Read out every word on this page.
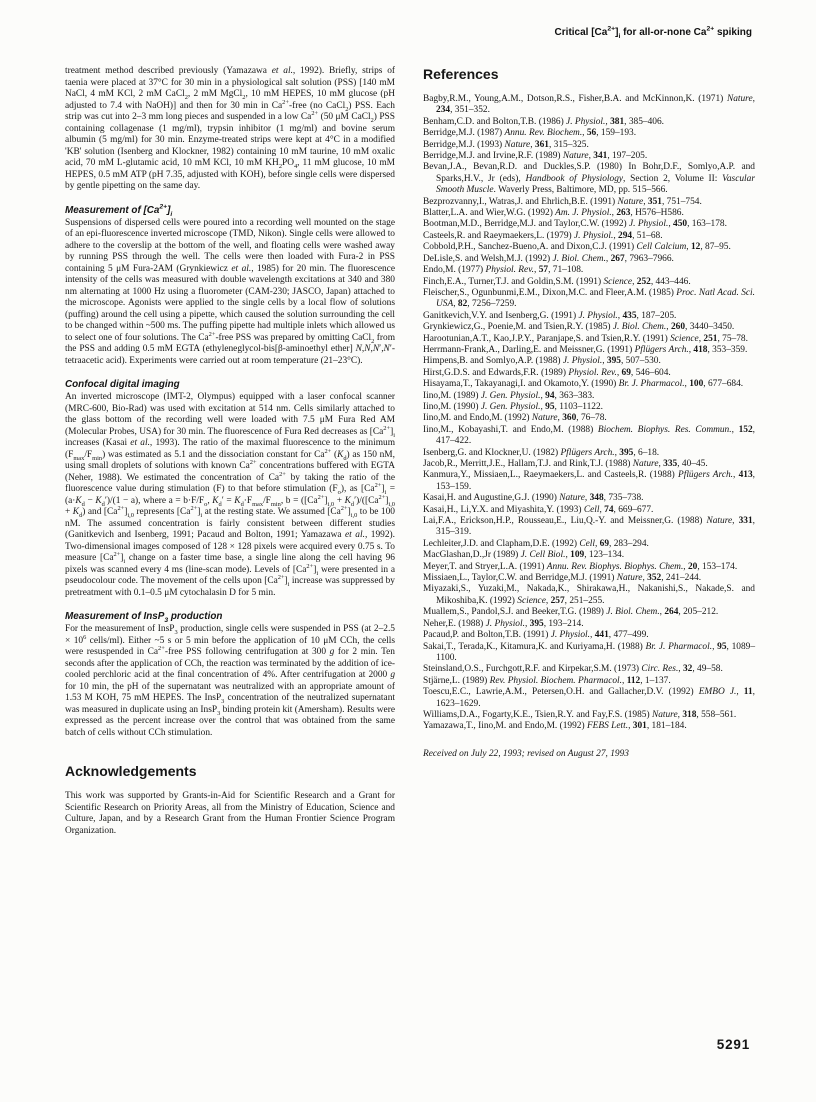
Critical $[Ca^{2+}]_i$ for all-or-none $Ca^{2+}$ spiking

treatment method described previously (Yamazawa et al., 1992). Briefly, strips of taenia were placed at 37°C for 30 min in a physiological salt solution (PSS) [140 mM NaCl, 4 mM KCl, 2 mM CaCl$_2$, 2 mM MgCl$_2$, 10 mM HEPES, 10 mM glucose (pH adjusted to 7.4 with NaOH)] and then for 30 min in $Ca^{2+}$-free (no CaCl$_2$) PSS. Each strip was cut into 2–3 mm long pieces and suspended in a low $Ca^{2+}$ (50 μM CaCl$_2$) PSS containing collagenase (1 mg/ml), trypsin inhibitor (1 mg/ml) and bovine serum albumin (5 mg/ml) for 30 min. Enzyme-treated strips were kept at 4°C in a modified 'KB' solution (Isenberg and Klockner, 1982) containing 10 mM taurine, 10 mM oxalic acid, 70 mM L-glutamic acid, 10 mM KCl, 10 mM $KH_2PO_4$, 11 mM glucose, 10 mM HEPES, 0.5 mM ATP (pH 7.35, adjusted with KOH), before single cells were dispersed by gentle pipetting on the same day.

Measurement of $[Ca^{2+}]_i$

Suspensions of dispersed cells were poured into a recording well mounted on the stage of an epi-fluorescence inverted microscope (TMD, Nikon). Single cells were allowed to adhere to the coverslip at the bottom of the well, and floating cells were washed away by running PSS through the well. The cells were then loaded with Fura-2 in PSS containing 5 μM Fura-2AM (Grynkiewicz et al., 1985) for 20 min. The fluorescence intensity of the cells was measured with double wavelength excitations at 340 and 380 nm alternating at 1000 Hz using a fluorometer (CAM-230; JASCO, Japan) attached to the microscope. Agonists were applied to the single cells by a local flow of solutions (puffing) around the cell using a pipette, which caused the solution surrounding the cell to be changed within ~500 ms. The puffing pipette had multiple inlets which allowed us to select one of four solutions. The $Ca^{2+}$-free PSS was prepared by omitting CaCl$_2$ from the PSS and adding 0.5 mM EGTA (ethyleneglycol-bis[β-aminoethyl ether] N,N,N′,N′-tetraacetic acid). Experiments were carried out at room temperature (21–23°C).

Confocal digital imaging

An inverted microscope (IMT-2, Olympus) equipped with a laser confocal scanner (MRC-600, Bio-Rad) was used with excitation at 514 nm. Cells similarly attached to the glass bottom of the recording well were loaded with 7.5 μM Fura Red AM (Molecular Probes, USA) for 30 min. The fluorescence of Fura Red decreases as $[Ca^{2+}]_i$ increases (Kasai et al., 1993). The ratio of the maximal fluorescence to the minimum $(F_{max}/F_{min})$ was estimated as 5.1 and the dissociation constant for $Ca^{2+}$ $(K_d)$ as 150 nM, using small droplets of solutions with known $Ca^{2+}$ concentrations buffered with EGTA (Neher, 1988). We estimated the concentration of $Ca^{2+}$ by taking the ratio of the fluorescence value during stimulation (F) to that before stimulation $(F_o)$, as $[Ca^{2+}]_i = (a\cdot K_d - K_d')/(1 - a)$, where $a = b\cdot F/F_o$, $K_d' = K_d\cdot F_{max}/F_{min}$, $b = ([Ca^{2+}]_{i,0} + K_d')/([Ca^{2+}]_{i,0} + K_d)$ and $[Ca^{2+}]_{i,0}$ represents $[Ca^{2+}]_i$ at the resting state. We assumed $[Ca^{2+}]_{i,0}$ to be 100 nM. The assumed concentration is fairly consistent between different studies (Ganitkevich and Isenberg, 1991; Pacaud and Bolton, 1991; Yamazawa et al., 1992). Two-dimensional images composed of 128 × 128 pixels were acquired every 0.75 s. To measure $[Ca^{2+}]_i$ change on a faster time base, a single line along the cell having 96 pixels was scanned every 4 ms (line-scan mode). Levels of $[Ca^{2+}]_i$ were presented in a pseudocolour code. The movement of the cells upon $[Ca^{2+}]_i$ increase was suppressed by pretreatment with 0.1–0.5 μM cytochalasin D for 5 min.

Measurement of InsP$_3$ production

For the measurement of InsP$_3$ production, single cells were suspended in PSS (at $2-2.5 \times 10^6$ cells/ml). Either ~5 s or 5 min before the application of 10 μM CCh, the cells were resuspended in $Ca^{2+}$-free PSS following centrifugation at 300 g for 2 min. Ten seconds after the application of CCh, the reaction was terminated by the addition of ice-cooled perchloric acid at the final concentration of 4%. After centrifugation at 2000 g for 10 min, the pH of the supernatant was neutralized with an appropriate amount of 1.53 M KOH, 75 mM HEPES. The InsP$_3$ concentration of the neutralized supernatant was measured in duplicate using an InsP$_3$ binding protein kit (Amersham). Results were expressed as the percent increase over the control that was obtained from the same batch of cells without CCh stimulation.

Acknowledgements

This work was supported by Grants-in-Aid for Scientific Research and a Grant for Scientific Research on Priority Areas, all from the Ministry of Education, Science and Culture, Japan, and by a Research Grant from the Human Frontier Science Program Organization.

References
Bagby,R.M., Young,A.M., Dotson,R.S., Fisher,B.A. and McKinnon,K. (1971) Nature, 234, 351–352.
Benham,C.D. and Bolton,T.B. (1986) J. Physiol., 381, 385–406.
Berridge,M.J. (1987) Annu. Rev. Biochem., 56, 159–193.
Berridge,M.J. (1993) Nature, 361, 315–325.
Berridge,M.J. and Irvine,R.F. (1989) Nature, 341, 197–205.
Bevan,J.A., Bevan,R.D. and Duckles,S.P. (1980) In Bohr,D.F., Somlyo,A.P. and Sparks,H.V., Jr (eds), Handbook of Physiology, Section 2, Volume II: Vascular Smooth Muscle. Waverly Press, Baltimore, MD, pp. 515–566.
Bezprozvanny,I., Watras,J. and Ehrlich,B.E. (1991) Nature, 351, 751–754.
Blatter,L.A. and Wier,W.G. (1992) Am. J. Physiol., 263, H576–H586.
Bootman,M.D., Berridge,M.J. and Taylor,C.W. (1992) J. Physiol., 450, 163–178.
Casteels,R. and Raeymaekers,L. (1979) J. Physiol., 294, 51–68.
Cobbold,P.H., Sanchez-Bueno,A. and Dixon,C.J. (1991) Cell Calcium, 12, 87–95.
DeLisle,S. and Welsh,M.J. (1992) J. Biol. Chem., 267, 7963–7966.
Endo,M. (1977) Physiol. Rev., 57, 71–108.
Finch,E.A., Turner,T.J. and Goldin,S.M. (1991) Science, 252, 443–446.
Fleischer,S., Ogunbunmi,E.M., Dixon,M.C. and Fleer,A.M. (1985) Proc. Natl Acad. Sci. USA, 82, 7256–7259.
Ganitkevich,V.Y. and Isenberg,G. (1991) J. Physiol., 435, 187–205.
Grynkiewicz,G., Poenie,M. and Tsien,R.Y. (1985) J. Biol. Chem., 260, 3440–3450.
Harootunian,A.T., Kao,J.P.Y., Paranjape,S. and Tsien,R.Y. (1991) Science, 251, 75–78.
Herrmann-Frank,A., Darling,E. and Meissner,G. (1991) Pflügers Arch., 418, 353–359.
Himpens,B. and Somlyo,A.P. (1988) J. Physiol., 395, 507–530.
Hirst,G.D.S. and Edwards,F.R. (1989) Physiol. Rev., 69, 546–604.
Hisayama,T., Takayanagi,I. and Okamoto,Y. (1990) Br. J. Pharmacol., 100, 677–684.
Iino,M. (1989) J. Gen. Physiol., 94, 363–383.
Iino,M. (1990) J. Gen. Physiol., 95, 1103–1122.
Iino,M. and Endo,M. (1992) Nature, 360, 76–78.
Iino,M., Kobayashi,T. and Endo,M. (1988) Biochem. Biophys. Res. Commun., 152, 417–422.
Isenberg,G. and Klockner,U. (1982) Pflügers Arch., 395, 6–18.
Jacob,R., Merritt,J.E., Hallam,T.J. and Rink,T.J. (1988) Nature, 335, 40–45.
Kanmura,Y., Missiaen,L., Raeymaekers,L. and Casteels,R. (1988) Pflügers Arch., 413, 153–159.
Kasai,H. and Augustine,G.J. (1990) Nature, 348, 735–738.
Kasai,H., Li,Y.X. and Miyashita,Y. (1993) Cell, 74, 669–677.
Lai,F.A., Erickson,H.P., Rousseau,E., Liu,Q.-Y. and Meissner,G. (1988) Nature, 331, 315–319.
Lechleiter,J.D. and Clapham,D.E. (1992) Cell, 69, 283–294.
MacGlashan,D.,Jr (1989) J. Cell Biol., 109, 123–134.
Meyer,T. and Stryer,L.A. (1991) Annu. Rev. Biophys. Biophys. Chem., 20, 153–174.
Missiaen,L., Taylor,C.W. and Berridge,M.J. (1991) Nature, 352, 241–244.
Miyazaki,S., Yuzaki,M., Nakada,K., Shirakawa,H., Nakanishi,S., Nakade,S. and Mikoshiba,K. (1992) Science, 257, 251–255.
Muallem,S., Pandol,S.J. and Beeker,T.G. (1989) J. Biol. Chem., 264, 205–212.
Neher,E. (1988) J. Physiol., 395, 193–214.
Pacaud,P. and Bolton,T.B. (1991) J. Physiol., 441, 477–499.
Sakai,T., Terada,K., Kitamura,K. and Kuriyama,H. (1988) Br. J. Pharmacol., 95, 1089–1100.
Steinsland,O.S., Furchgott,R.F. and Kirpekar,S.M. (1973) Circ. Res., 32, 49–58.
Stjärne,L. (1989) Rev. Physiol. Biochem. Pharmacol., 112, 1–137.
Toescu,E.C., Lawrie,A.M., Petersen,O.H. and Gallacher,D.V. (1992) EMBO J., 11, 1623–1629.
Williams,D.A., Fogarty,K.E., Tsien,R.Y. and Fay,F.S. (1985) Nature, 318, 558–561.
Yamazawa,T., Iino,M. and Endo,M. (1992) FEBS Lett., 301, 181–184.

Received on July 22, 1993; revised on August 27, 1993

5291
